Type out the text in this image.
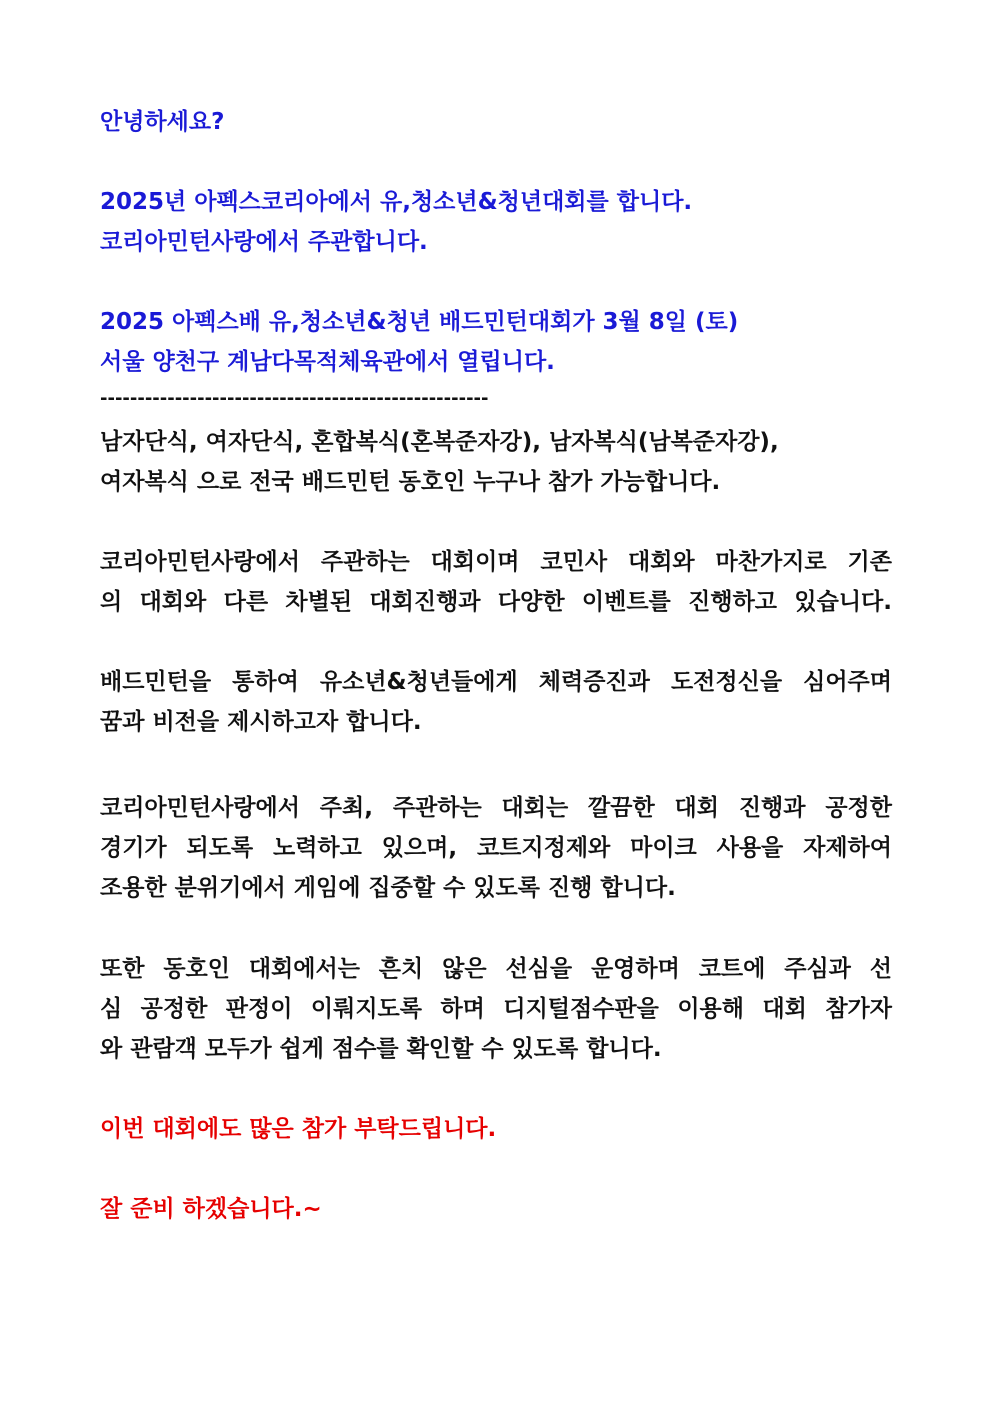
안녕하세요?

2025년 아펙스코리아에서 유,청소년&청년대회를 합니다.

코리아민턴사랑에서 주관합니다.

2025 아펙스배 유,청소년&청년 배드민턴대회가 3월 8일 (토)

서울 양천구 계남다목적체육관에서 열립니다.

----------------------------------------------------

남자단식, 여자단식, 혼합복식(혼복준자강), 남자복식(남복준자강),

여자복식 으로 전국 배드민턴 동호인 누구나 참가 가능합니다.

코리아민턴사랑에서 주관하는 대회이며 코민사 대회와 마찬가지로 기존

의 대회와 다른 차별된 대회진행과 다양한 이벤트를 진행하고 있습니다.

배드민턴을 통하여 유소년&청년들에게 체력증진과 도전정신을 심어주며

꿈과 비전을 제시하고자 합니다.

코리아민턴사랑에서 주최, 주관하는 대회는 깔끔한 대회 진행과 공정한

경기가 되도록 노력하고 있으며, 코트지정제와 마이크 사용을 자제하여

조용한 분위기에서 게임에 집중할 수 있도록 진행 합니다.

또한 동호인 대회에서는 흔치 않은 선심을 운영하며 코트에 주심과 선

심 공정한 판정이 이뤄지도록 하며 디지털점수판을 이용해 대회 참가자

와 관람객 모두가 쉽게 점수를 확인할 수 있도록 합니다.

이번 대회에도 많은 참가 부탁드립니다.

잘 준비 하겠습니다.~
